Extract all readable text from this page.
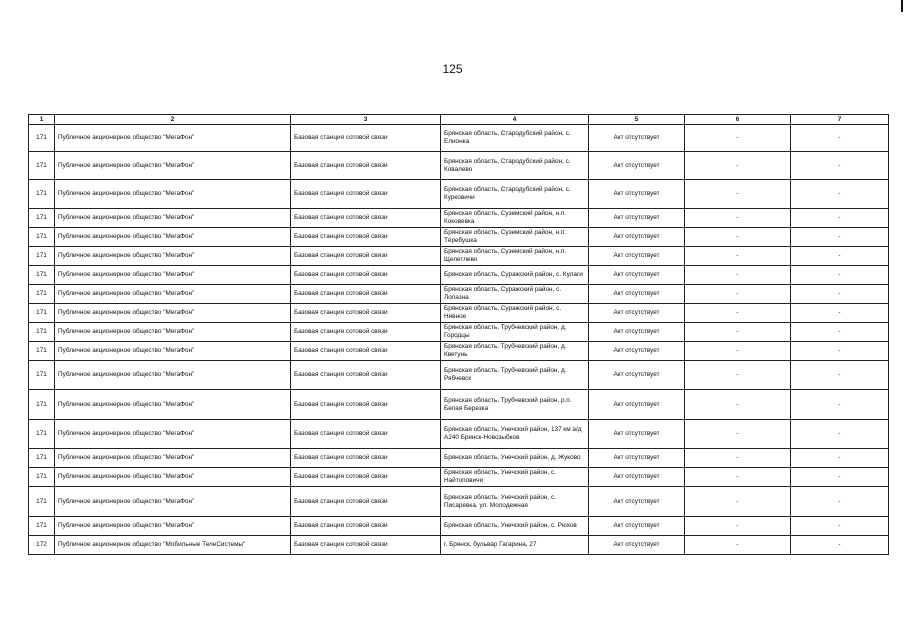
125
1	2	3	4	5	6	7
171	Публичное акционерное общество "МегаФон"	Базовая станция сотовой связи	Брянская область, Стародубский район, с. Елионка	Акт отсутствует	-	-
171	Публичное акционерное общество "МегаФон"	Базовая станция сотовой связи	Брянская область, Стародубский район, с. Ковалево	Акт отсутствует	-	-
171	Публичное акционерное общество "МегаФон"	Базовая станция сотовой связи	Брянская область, Стародубский район, с. Курковичи	Акт отсутствует	-	-
171	Публичное акционерное общество "МегаФон"	Базовая станция сотовой связи	Брянская область, Суземский район, н.п. Коковевка	Акт отсутствует	-	-
171	Публичное акционерное общество "МегаФон"	Базовая станция сотовой связи	Брянская область, Суземский район, н.п. Тёребушка	Акт отсутствует	-	-
171	Публичное акционерное общество "МегаФон"	Базовая станция сотовой связи	Брянская область, Суземский район, н.п. Щелетлево	Акт отсутствует	-	-
171	Публичное акционерное общество "МегаФон"	Базовая станция сотовой связи	Брянская область, Суражский район, с. Кулаги	Акт отсутствует	-	-
171	Публичное акционерное общество "МегаФон"	Базовая станция сотовой связи	Брянская область, Суражский район, с. Лопазна	Акт отсутствует	-	-
171	Публичное акционерное общество "МегаФон"	Базовая станция сотовой связи	Брянская область, Суражский район, с. Нивное	Акт отсутствует	-	-
171	Публичное акционерное общество "МегаФон"	Базовая станция сотовой связи	Брянская область, Трубчевский район, д. Городцы	Акт отсутствует	-	-
171	Публичное акционерное общество "МегаФон"	Базовая станция сотовой связи	Брянская область, Трубчевский район, д. Кветунь	Акт отсутствует	-	-
171	Публичное акционерное общество "МегаФон"	Базовая станция сотовой связи	Брянская область, Трубчевский район, д. Рябчевск	Акт отсутствует	-	-
171	Публичное акционерное общество "МегаФон"	Базовая станция сотовой связи	Брянская область, Трубчевский район, р.п. Белая Березка	Акт отсутствует	-	-
171	Публичное акционерное общество "МегаФон"	Базовая станция сотовой связи	Брянская область, Унечский район, 137 км а/д А240 Брянск-Новозыбков	Акт отсутствует	-	-
171	Публичное акционерное общество "МегаФон"	Базовая станция сотовой связи	Брянская область, Унечский район, д. Жуково	Акт отсутствует	-	-
171	Публичное акционерное общество "МегаФон"	Базовая станция сотовой связи	Брянская область, Унечский район, с. Найтоповичи	Акт отсутствует	-	-
171	Публичное акционерное общество "МегаФон"	Базовая станция сотовой связи	Брянская область, Унечский район, с. Писаревка, ул. Молодежная	Акт отсутствует	-	-
171	Публичное акционерное общество "МегаФон"	Базовая станция сотовой связи	Брянская область, Унечский район, с. Рюхов	Акт отсутствует	-	-
172	Публичное акционерное общество "Мобильные ТелеСистемы"	Базовая станция сотовой связи	г. Брянск, бульвар Гагарина, 27	Акт отсутствует	-	-
